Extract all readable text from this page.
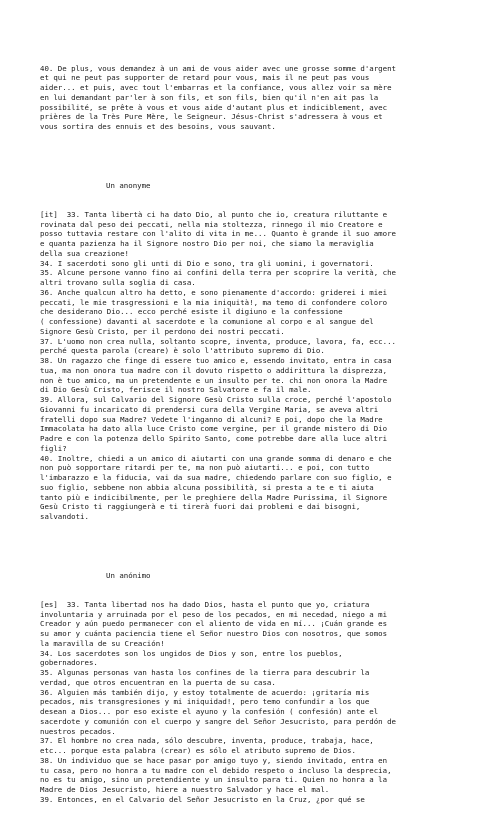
40. De plus, vous demandez à un ami de vous aider avec une grosse somme d'argent
et qui ne peut pas supporter de retard pour vous, mais il ne peut pas vous
aider... et puis, avec tout l'embarras et la confiance, vous allez voir sa mère
en lui demandant par'ler à son fils, et son fils, bien qu'il n'en ait pas la
possibilité, se prête à vous et vous aide d'autant plus et indiciblement, avec
prières de la Très Pure Mère, le Seigneur. Jésus-Christ s'adressera à vous et
vous sortira des ennuis et des besoins, vous sauvant.

Un anonyme

[it]  33. Tanta libertà ci ha dato Dio, al punto che io, creatura riluttante e
rovinata dal peso dei peccati, nella mia stoltezza, rinnego il mio Creatore e
posso tuttavia restare con l'alito di vita in me... Quanto è grande il suo amore
e quanta pazienza ha il Signore nostro Dio per noi, che siamo la meraviglia
della sua creazione!
34. I sacerdoti sono gli unti di Dio e sono, tra gli uomini, i governatori.
35. Alcune persone vanno fino ai confini della terra per scoprire la verità, che
altri trovano sulla soglia di casa.
36. Anche qualcun altro ha detto, e sono pienamente d'accordo: griderei i miei
peccati, le mie trasgressioni e la mia iniquità!, ma temo di confondere coloro
che desiderano Dio... ecco perché esiste il digiuno e la confessione
( confessione) davanti al sacerdote e la comunione al corpo e al sangue del
Signore Gesù Cristo, per il perdono dei nostri peccati.
37. L'uomo non crea nulla, soltanto scopre, inventa, produce, lavora, fa, ecc...
perché questa parola (creare) è solo l'attributo supremo di Dio.
38. Un ragazzo che finge di essere tuo amico e, essendo invitato, entra in casa
tua, ma non onora tua madre con il dovuto rispetto o addirittura la disprezza,
non è tuo amico, ma un pretendente e un insulto per te. chi non onora la Madre
di Dio Gesù Cristo, ferisce il nostro Salvatore e fa il male.
39. Allora, sul Calvario del Signore Gesù Cristo sulla croce, perché l'apostolo
Giovanni fu incaricato di prendersi cura della Vergine Maria, se aveva altri
fratelli dopo sua Madre? Vedete l'inganno di alcuni? E poi, dopo che la Madre
Immacolata ha dato alla luce Cristo come vergine, per il grande mistero di Dio
Padre e con la potenza dello Spirito Santo, come potrebbe dare alla luce altri
figli?
40. Inoltre, chiedi a un amico di aiutarti con una grande somma di denaro e che
non può sopportare ritardi per te, ma non può aiutarti... e poi, con tutto
l'imbarazzo e la fiducia, vai da sua madre, chiedendo parlare con suo figlio, e
suo figlio, sebbene non abbia alcuna possibilità, si presta a te e ti aiuta
tanto più e indicibilmente, per le preghiere della Madre Purissima, il Signore
Gesù Cristo ti raggiungerà e ti tirerà fuori dai problemi e dai bisogni,
salvandoti.

Un anónimo

[es]  33. Tanta libertad nos ha dado Dios, hasta el punto que yo, criatura
involuntaria y arruinada por el peso de los pecados, en mi necedad, niego a mi
Creador y aún puedo permanecer con el aliento de vida en mí... ¡Cuán grande es
su amor y cuánta paciencia tiene el Señor nuestro Dios con nosotros, que somos
la maravilla de su Creación!
34. Los sacerdotes son los ungidos de Dios y son, entre los pueblos,
gobernadores.
35. Algunas personas van hasta los confines de la tierra para descubrir la
verdad, que otros encuentran en la puerta de su casa.
36. Alguien más también dijo, y estoy totalmente de acuerdo: ¡gritaría mis
pecados, mis transgresiones y mi iniquidad!, pero temo confundir a los que
desean a Dios... por eso existe el ayuno y la confesión ( confesión) ante el
sacerdote y comunión con el cuerpo y sangre del Señor Jesucristo, para perdón de
nuestros pecados.
37. El hombre no crea nada, sólo descubre, inventa, produce, trabaja, hace,
etc... porque esta palabra (crear) es sólo el atributo supremo de Dios.
38. Un individuo que se hace pasar por amigo tuyo y, siendo invitado, entra en
tu casa, pero no honra a tu madre con el debido respeto o incluso la desprecia,
no es tu amigo, sino un pretendiente y un insulto para ti. Quien no honra a la
Madre de Dios Jesucristo, hiere a nuestro Salvador y hace el mal.
39. Entonces, en el Calvario del Señor Jesucristo en la Cruz, ¿por qué se
